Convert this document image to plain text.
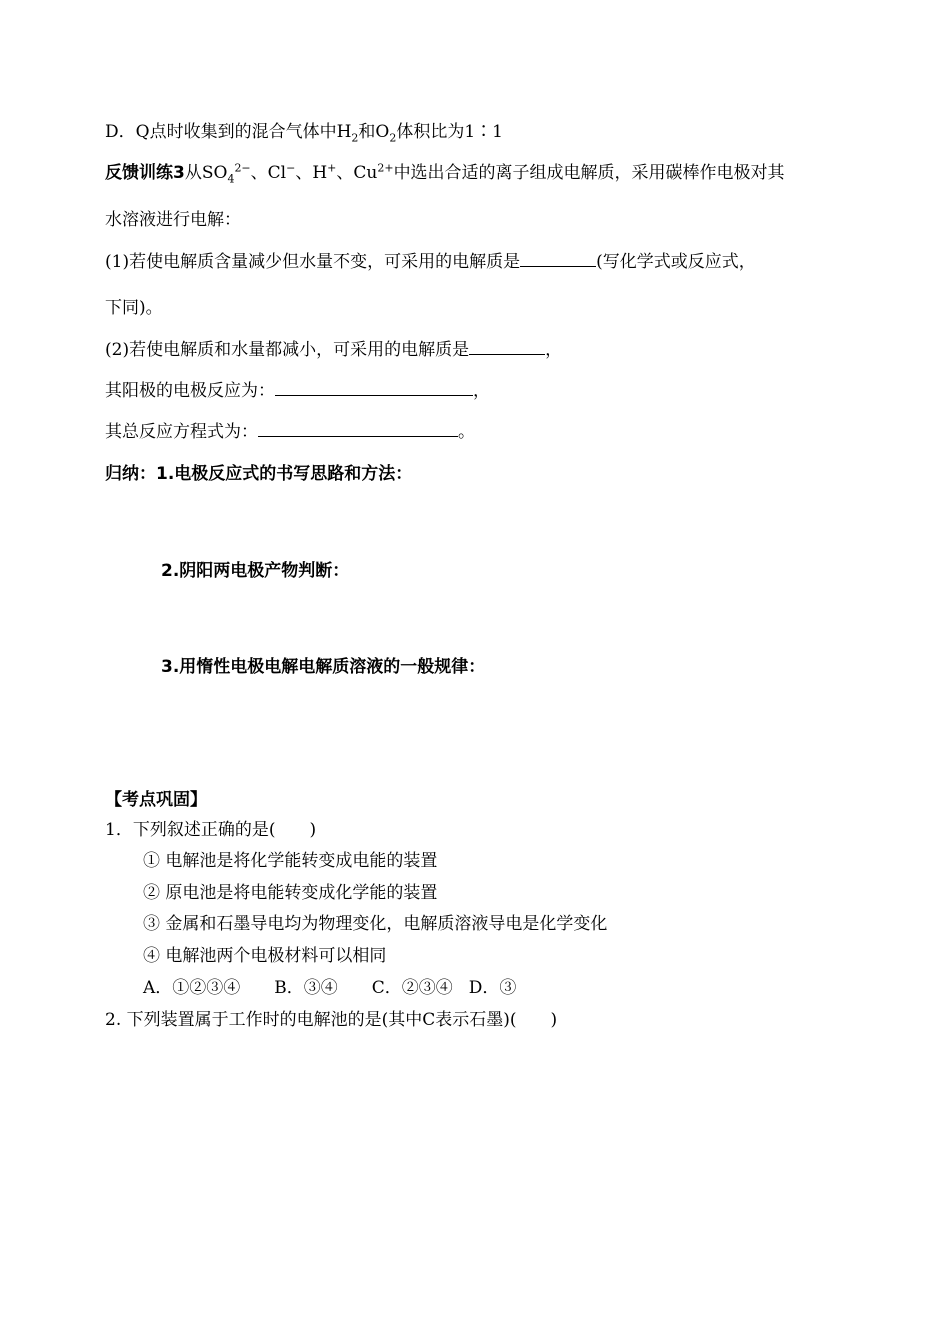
D．Q点时收集到的混合气体中$H_2$和$O_2$体积比为1∶1
反馈训练3从$SO_4^{2-}$、Cl−、H+、$Cu^{2+}$中选出合适的离子组成电解质，采用碳棒作电极对其
水溶液进行电解：
(1)若使电解质含量减少但水量不变，可采用的电解质是	(写化学式或反应式，
下同)。
(2)若使电解质和水量都减小，可采用的电解质是	，
其阳极的电极反应为：	，
其总反应方程式为：	。
归纳：1.电极反应式的书写思路和方法：
2.阴阳两电极产物判断：
3.用惰性电极电解电解质溶液的一般规律：
【考点巩固】
1．下列叙述正确的是(　　)
① 电解池是将化学能转变成电能的装置
② 原电池是将电能转变成化学能的装置
③ 金属和石墨导电均为物理变化，电解质溶液导电是化学变化
④ 电解池两个电极材料可以相同
A．①②③④ B．③④ C．②③④ D．③
2. 下列装置属于工作时的电解池的是(其中C表示石墨)(　　)
